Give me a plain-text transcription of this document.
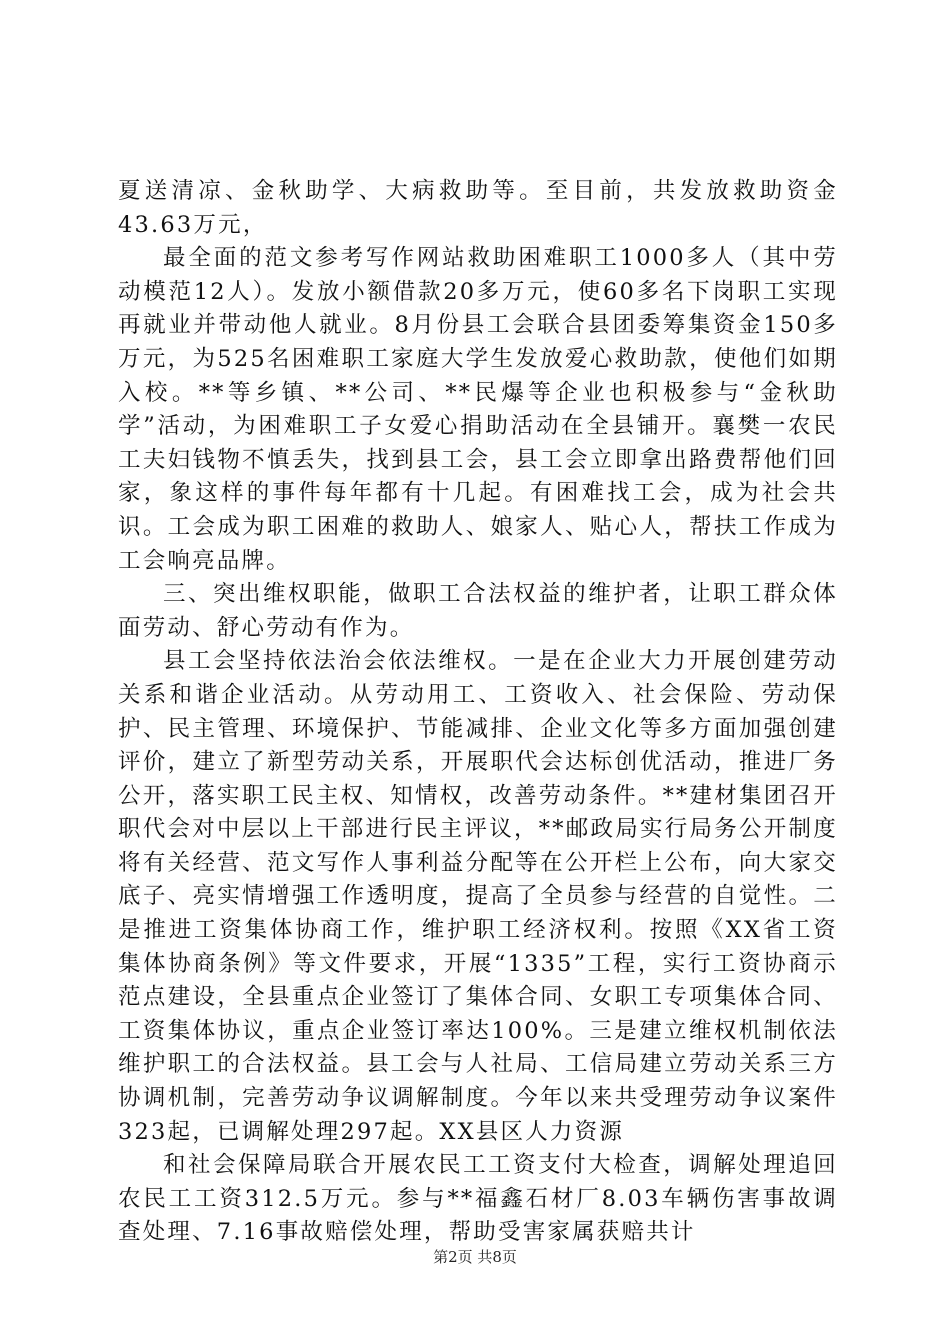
夏送清凉、金秋助学、大病救助等。至目前，共发放救助资金43.63万元，

最全面的范文参考写作网站救助困难职工1000多人（其中劳动模范12人）。发放小额借款20多万元，使60多名下岗职工实现再就业并带动他人就业。8月份县工会联合县团委筹集资金150多万元，为525名困难职工家庭大学生发放爱心救助款，使他们如期入校。**等乡镇、**公司、**民爆等企业也积极参与“金秋助学”活动，为困难职工子女爱心捐助活动在全县铺开。襄樊一农民工夫妇钱物不慎丢失，找到县工会，县工会立即拿出路费帮他们回家，象这样的事件每年都有十几起。有困难找工会，成为社会共识。工会成为职工困难的救助人、娘家人、贴心人，帮扶工作成为工会响亮品牌。

三、突出维权职能，做职工合法权益的维护者，让职工群众体面劳动、舒心劳动有作为。

县工会坚持依法治会依法维权。一是在企业大力开展创建劳动关系和谐企业活动。从劳动用工、工资收入、社会保险、劳动保护、民主管理、环境保护、节能减排、企业文化等多方面加强创建评价，建立了新型劳动关系，开展职代会达标创优活动，推进厂务公开，落实职工民主权、知情权，改善劳动条件。**建材集团召开职代会对中层以上干部进行民主评议，**邮政局实行局务公开制度将有关经营、范文写作人事利益分配等在公开栏上公布，向大家交底子、亮实情增强工作透明度，提高了全员参与经营的自觉性。二是推进工资集体协商工作，维护职工经济权利。按照《XX省工资集体协商条例》等文件要求，开展“1335”工程，实行工资协商示范点建设，全县重点企业签订了集体合同、女职工专项集体合同、工资集体协议，重点企业签订率达100%。三是建立维权机制依法维护职工的合法权益。县工会与人社局、工信局建立劳动关系三方协调机制，完善劳动争议调解制度。今年以来共受理劳动争议案件323起，已调解处理297起。XX县区人力资源

和社会保障局联合开展农民工工资支付大检查，调解处理追回农民工工资312.5万元。参与**福鑫石材厂8.03车辆伤害事故调查处理、7.16事故赔偿处理，帮助受害家属获赔共计

第2页 共8页
